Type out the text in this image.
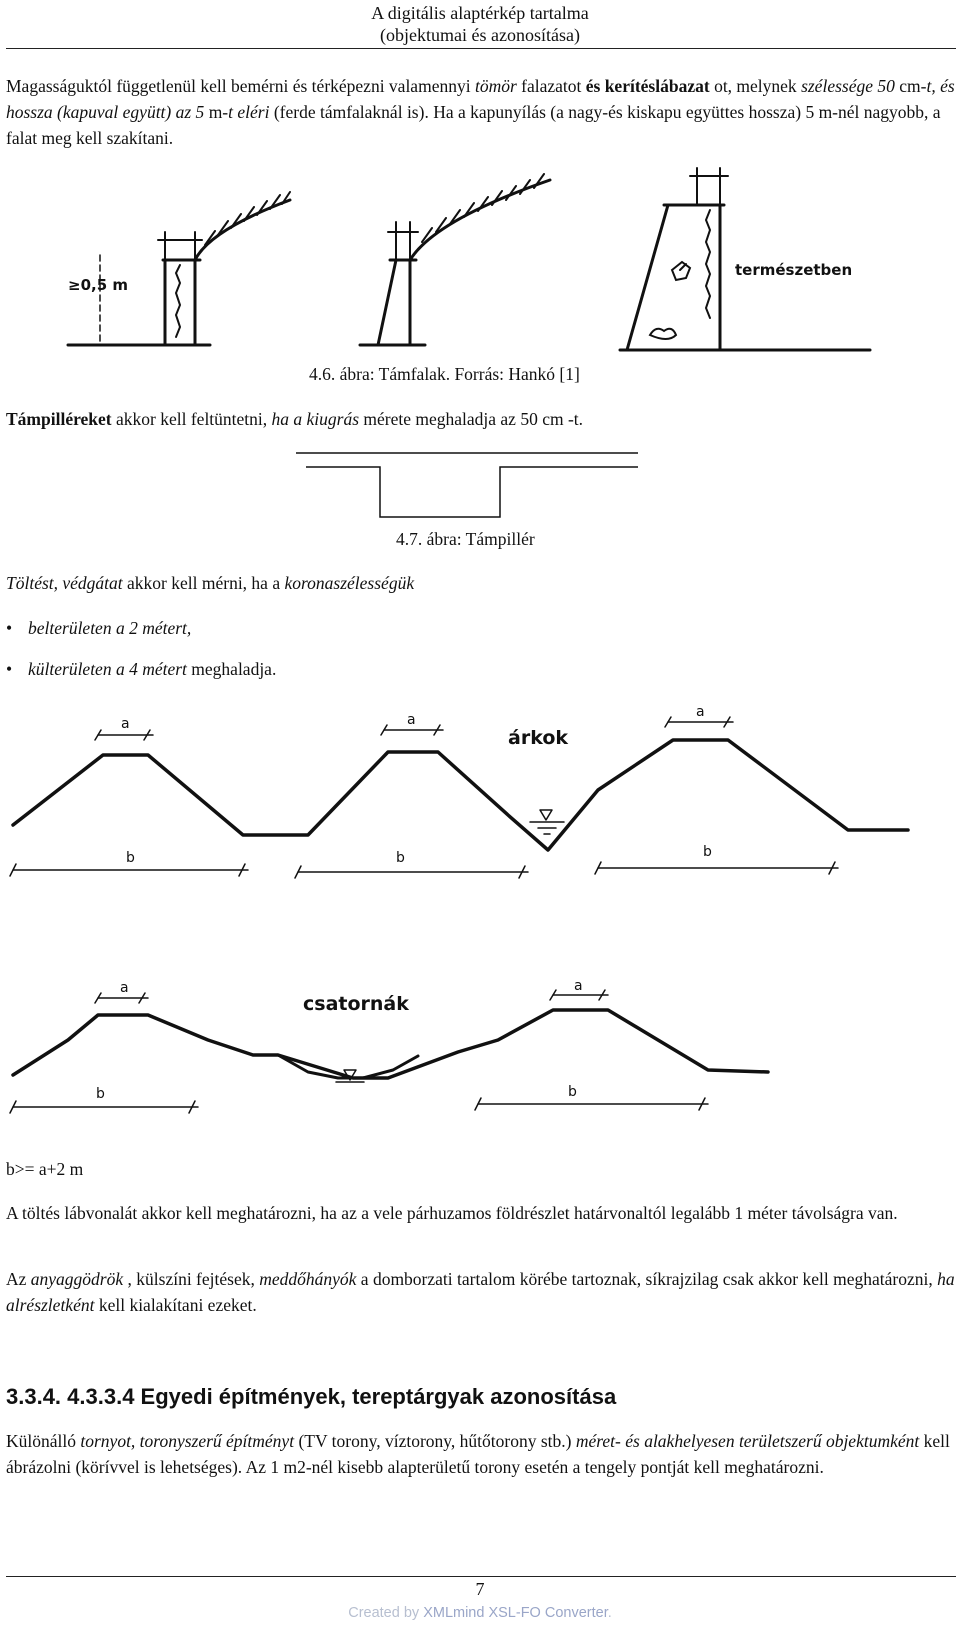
A digitális alaptérkép tartalma
(objektumai és azonosítása)
Magasságuktól függetlenül kell bemérni és térképezni valamennyi tömör falazatot és kerítéslábazat ot, melynek szélessége 50 cm-t, és hossza (kapuval együtt) az 5 m-t eléri (ferde támfalaknál is). Ha a kapunyílás (a nagy-és kiskapu együttes hossza) 5 m-nél nagyobb, a falat meg kell szakítani.
≥0,5 m
természetben
4.6. ábra: Támfalak. Forrás: Hankó [1]
Támpilléreket akkor kell feltüntetni, ha a kiugrás mérete meghaladja az 50 cm -t.
4.7. ábra: Támpillér
Töltést, védgátat akkor kell mérni, ha a koronaszélességük
• belterületen a 2 métert,
• külterületen a 4 métert meghaladja.
a	a	a
b	b	b
a	a
b	b
árkok
csatornák
b>= a+2 m
A töltés lábvonalát akkor kell meghatározni, ha az a vele párhuzamos földrészlet határvonaltól legalább 1 méter távolságra van.
Az anyaggödrök , külszíni fejtések, meddőhányók a domborzati tartalom körébe tartoznak, síkrajzilag csak akkor kell meghatározni, ha alrészletként kell kialakítani ezeket.
3.3.4. 4.3.3.4 Egyedi építmények, tereptárgyak azonosítása
Különálló tornyot, toronyszerű építményt (TV torony, víztorony, hűtőtorony stb.) méret- és alakhelyesen területszerű objektumként kell ábrázolni (körívvel is lehetséges). Az 1 m2-nél kisebb alapterületű torony esetén a tengely pontját kell meghatározni.
7
Created by XMLmind XSL-FO Converter.
